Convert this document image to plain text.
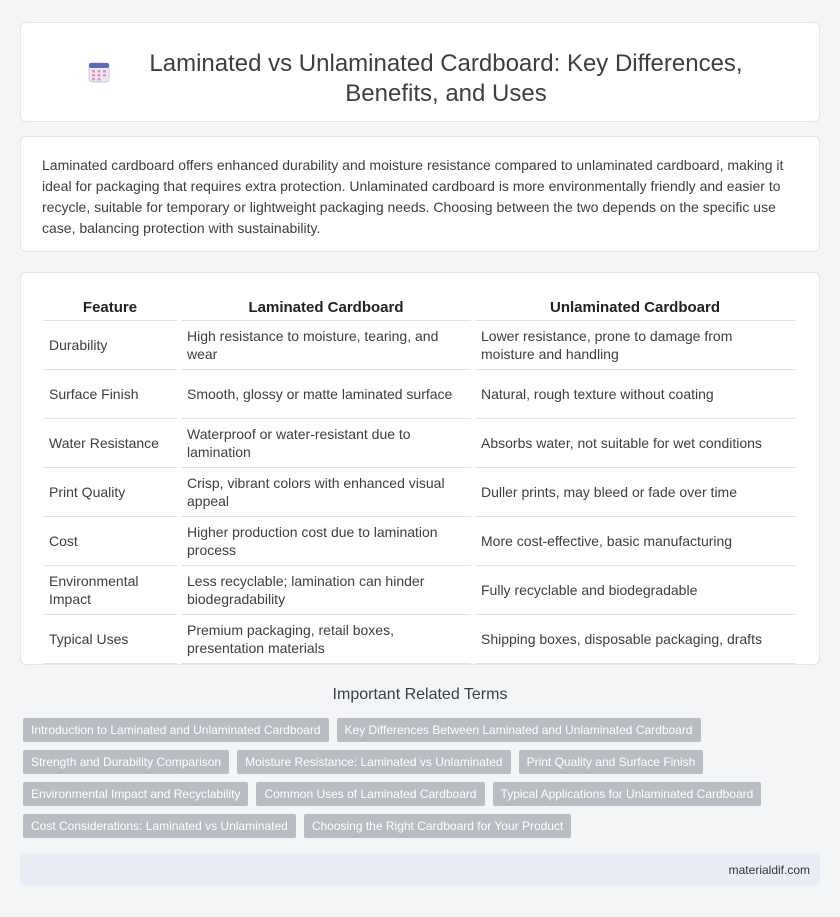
Laminated vs Unlaminated Cardboard: Key Differences, Benefits, and Uses

Laminated cardboard offers enhanced durability and moisture resistance compared to unlaminated cardboard, making it ideal for packaging that requires extra protection. Unlaminated cardboard is more environmentally friendly and easier to recycle, suitable for temporary or lightweight packaging needs. Choosing between the two depends on the specific use case, balancing protection with sustainability.

Feature	Laminated Cardboard	Unlaminated Cardboard
Durability	High resistance to moisture, tearing, and wear	Lower resistance, prone to damage from moisture and handling
Surface Finish	Smooth, glossy or matte laminated surface	Natural, rough texture without coating
Water Resistance	Waterproof or water-resistant due to lamination	Absorbs water, not suitable for wet conditions
Print Quality	Crisp, vibrant colors with enhanced visual appeal	Duller prints, may bleed or fade over time
Cost	Higher production cost due to lamination process	More cost-effective, basic manufacturing
Environmental Impact	Less recyclable; lamination can hinder biodegradability	Fully recyclable and biodegradable
Typical Uses	Premium packaging, retail boxes, presentation materials	Shipping boxes, disposable packaging, drafts
Important Related Terms
Introduction to Laminated and Unlaminated Cardboard	Key Differences Between Laminated and Unlaminated Cardboard
Strength and Durability Comparison	Moisture Resistance: Laminated vs Unlaminated	Print Quality and Surface Finish
Environmental Impact and Recyclability	Common Uses of Laminated Cardboard	Typical Applications for Unlaminated Cardboard
Cost Considerations: Laminated vs Unlaminated	Choosing the Right Cardboard for Your Product
materialdif.com
